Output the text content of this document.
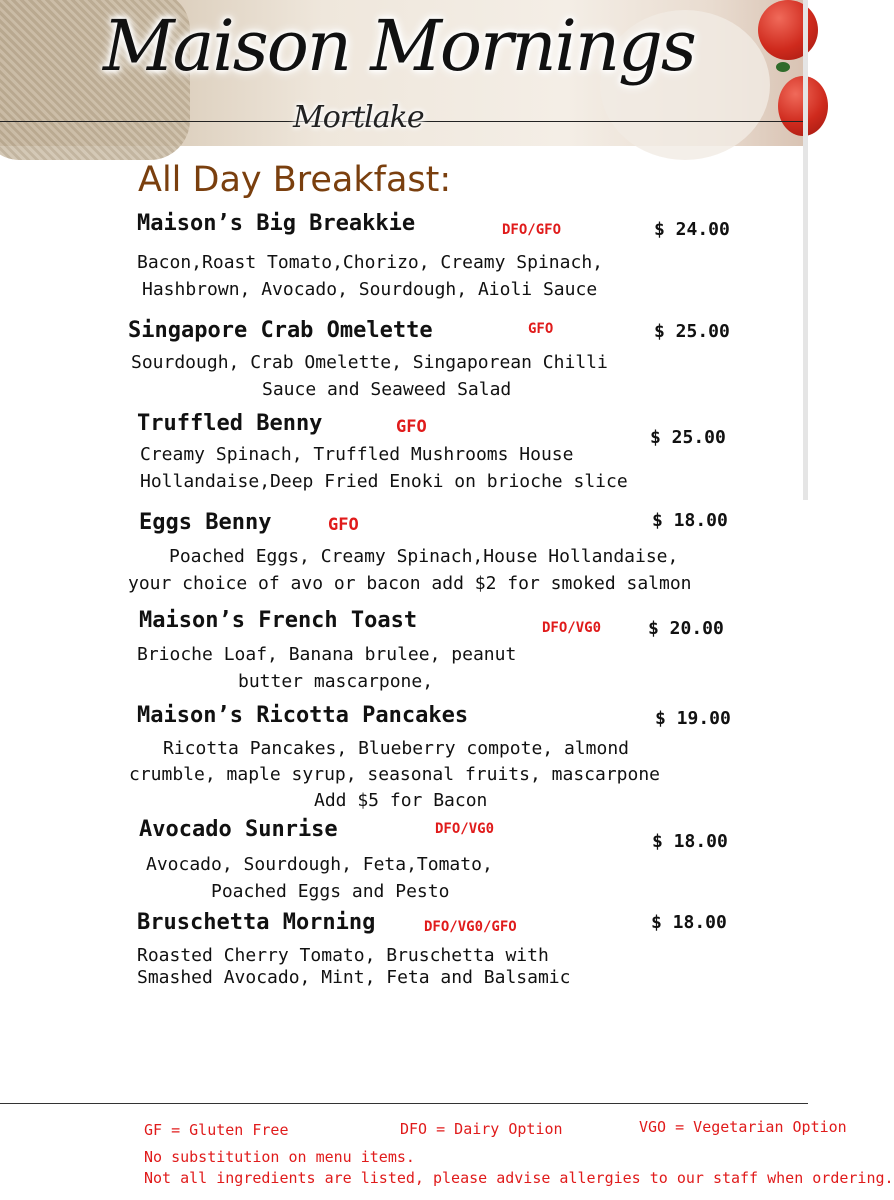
Maison Mornings
Mortlake
All Day Breakfast:
Maison’s Big Breakkie	DFO/GFO	$ 24.00
Bacon,Roast Tomato,Chorizo, Creamy Spinach,
Hashbrown, Avocado, Sourdough, Aioli Sauce
Singapore Crab Omelette	GFO	$ 25.00
Sourdough, Crab Omelette, Singaporean Chilli
Sauce and Seaweed Salad
Truffled Benny	GFO	$ 25.00
Creamy Spinach, Truffled Mushrooms House
Hollandaise,Deep Fried Enoki on brioche slice
Eggs Benny	GFO	$ 18.00
Poached Eggs, Creamy Spinach,House Hollandaise,
your choice of avo or bacon add $2 for smoked salmon
Maison’s French Toast	DFO/VG0	$ 20.00
Brioche Loaf, Banana brulee, peanut
butter mascarpone,
Maison’s Ricotta Pancakes	$ 19.00
Ricotta Pancakes, Blueberry compote, almond
crumble, maple syrup, seasonal fruits, mascarpone
Add $5 for Bacon
Avocado Sunrise	DFO/VG0
$ 18.00
Avocado, Sourdough, Feta,Tomato,
Poached Eggs and Pesto
Bruschetta Morning	DFO/VG0/GFO	$ 18.00
Roasted Cherry Tomato, Bruschetta with
Smashed Avocado, Mint, Feta and Balsamic
GF = Gluten Free	DFO = Dairy Option	VGO = Vegetarian Option
No substitution on menu items.
Not all ingredients are listed, please advise allergies to our staff when ordering.
